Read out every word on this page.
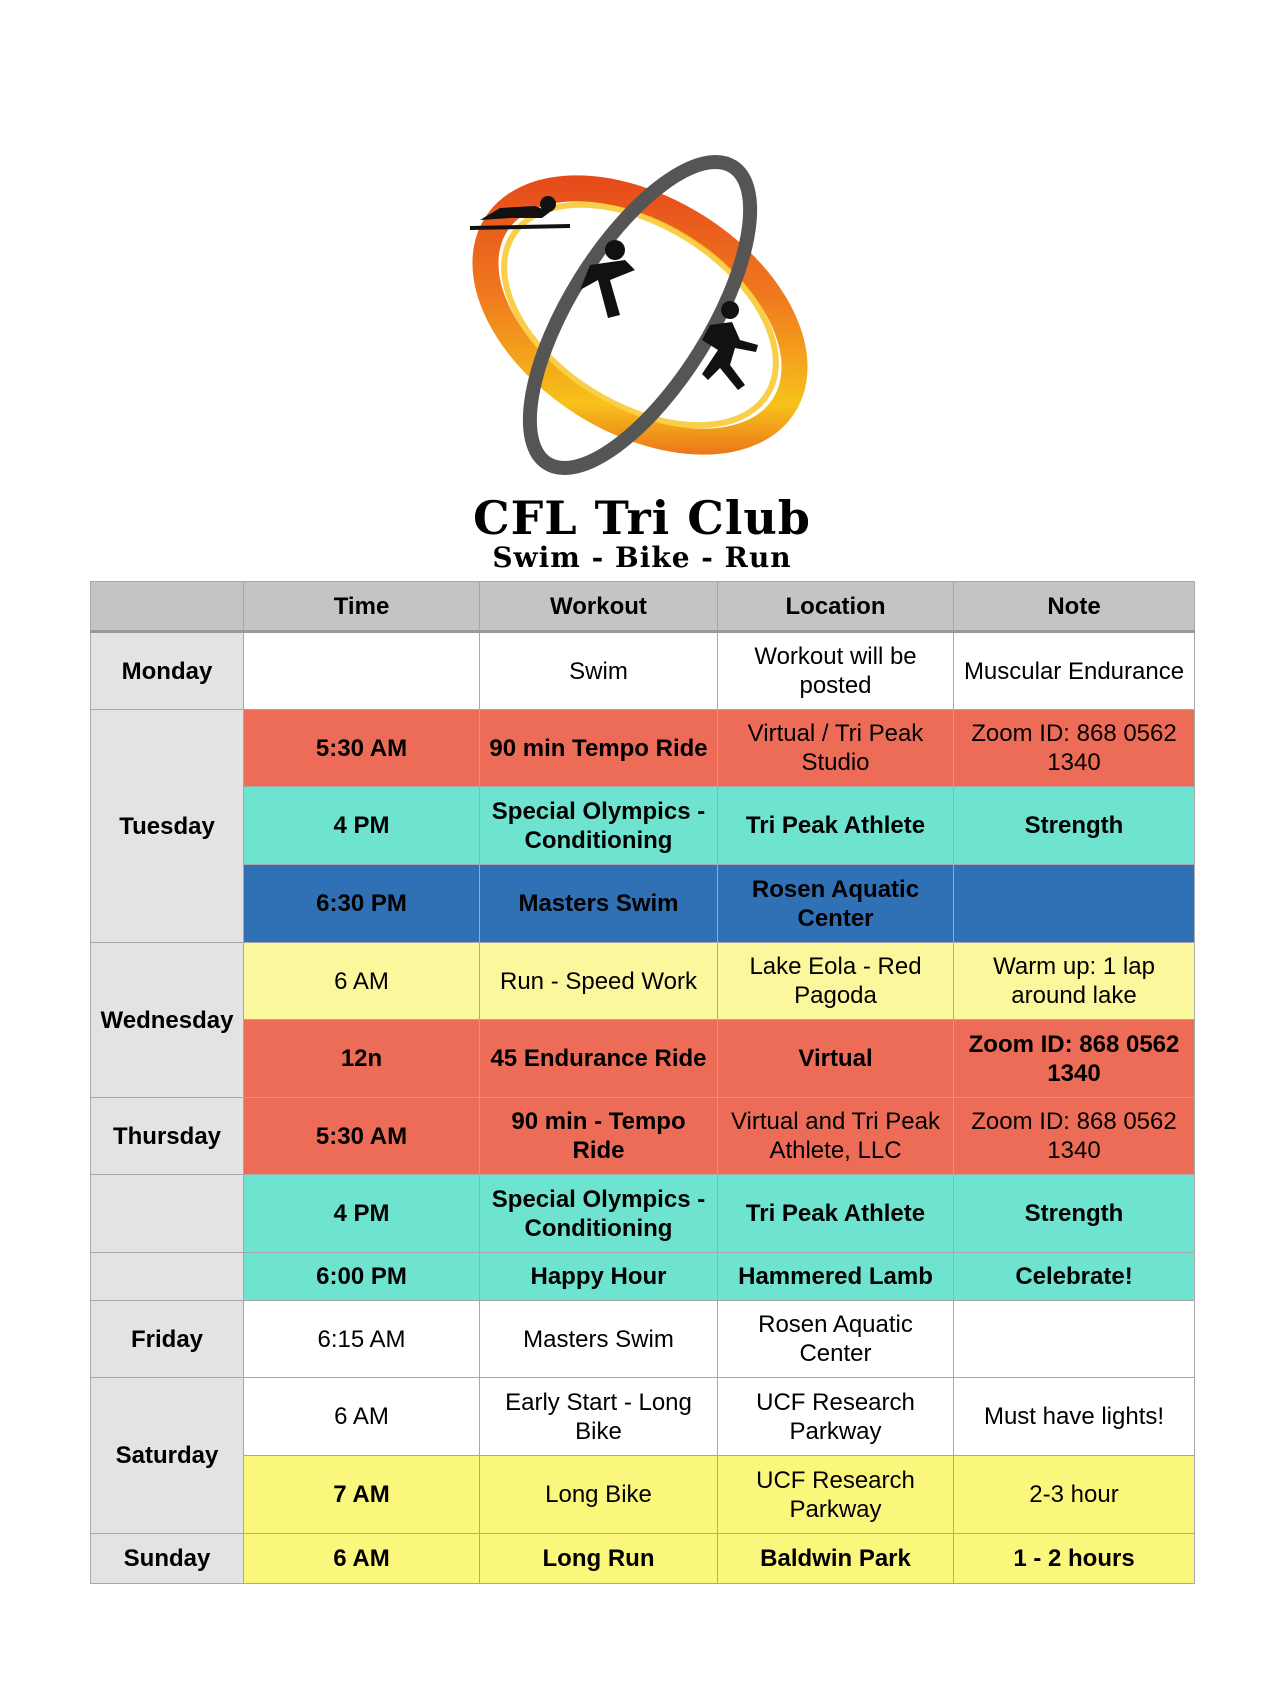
CFL Tri Club
Swim - Bike - Run
	Time	Workout	Location	Note
Monday		Swim	Workout will be posted	Muscular Endurance
Tuesday	5:30 AM	90 min Tempo Ride	Virtual / Tri Peak Studio	Zoom ID: 868 0562 1340
	4 PM	Special Olympics - Conditioning	Tri Peak Athlete	Strength
	6:30 PM	Masters Swim	Rosen Aquatic Center	
Wednesday	6 AM	Run - Speed Work	Lake Eola - Red Pagoda	Warm up: 1 lap around lake
	12n	45 Endurance Ride	Virtual	Zoom ID: 868 0562 1340
Thursday	5:30 AM	90 min - Tempo Ride	Virtual and Tri Peak Athlete, LLC	Zoom ID: 868 0562 1340
	4 PM	Special Olympics - Conditioning	Tri Peak Athlete	Strength
	6:00 PM	Happy Hour	Hammered Lamb	Celebrate!
Friday	6:15 AM	Masters Swim	Rosen Aquatic Center	
Saturday	6 AM	Early Start - Long Bike	UCF Research Parkway	Must have lights!
	7 AM	Long Bike	UCF Research Parkway	2-3 hour
Sunday	6 AM	Long Run	Baldwin Park	1 - 2 hours
